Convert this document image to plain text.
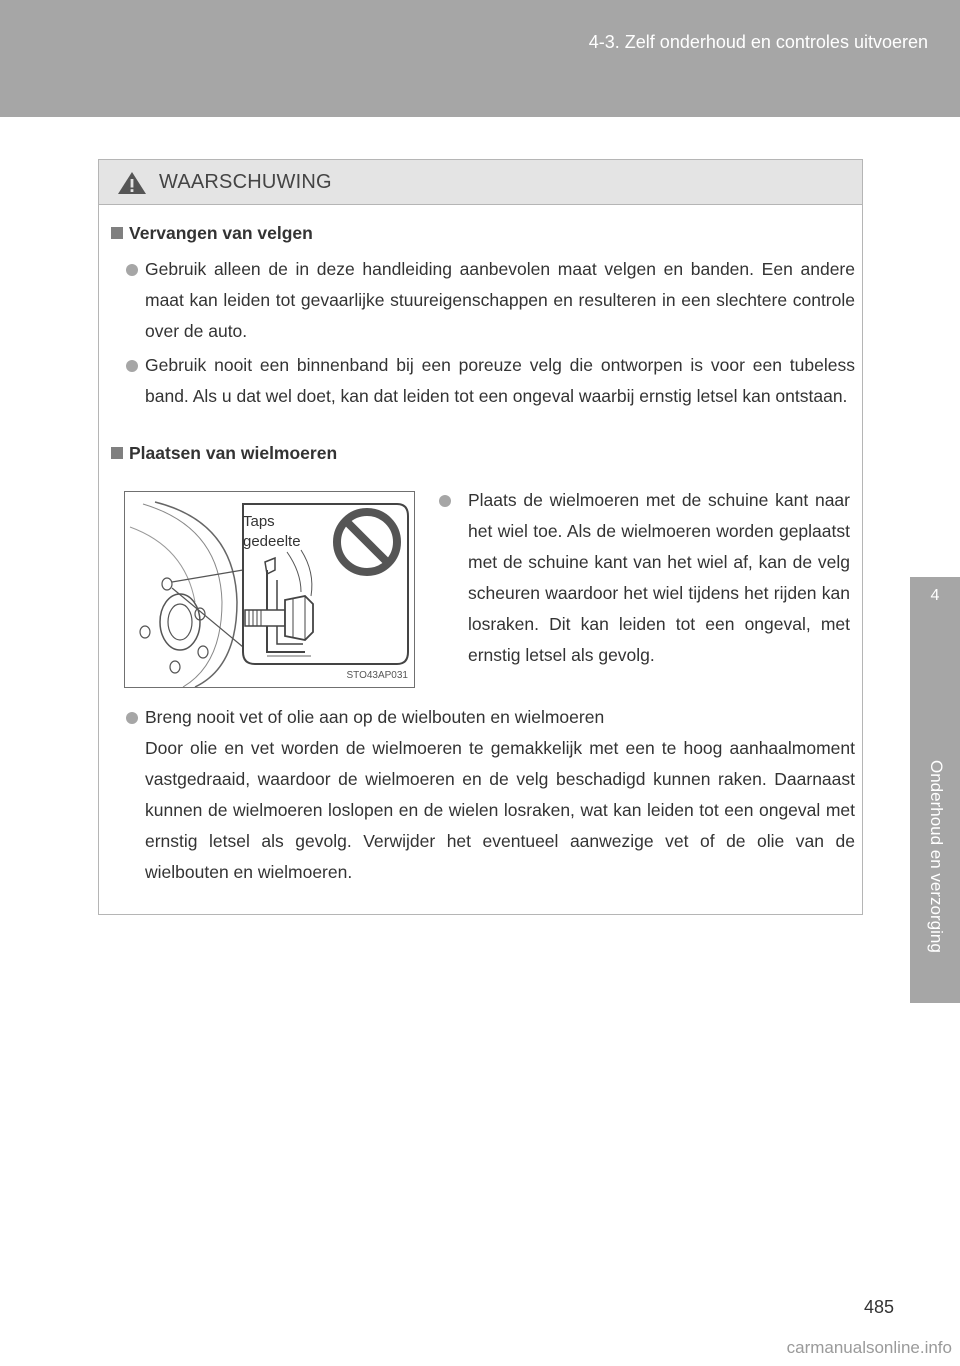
4-3. Zelf onderhoud en controles uitvoeren
4
Onderhoud en verzorging
WAARSCHUWING
Vervangen van velgen
Gebruik alleen de in deze handleiding aanbevolen maat velgen en banden. Een andere maat kan leiden tot gevaarlijke stuureigenschappen en resulteren in een slechtere controle over de auto.
Gebruik nooit een binnenband bij een poreuze velg die ontworpen is voor een tubeless band. Als u dat wel doet, kan dat leiden tot een ongeval waarbij ernstig letsel kan ontstaan.
Plaatsen van wielmoeren
Taps
gedeelte
STO43AP031
Plaats de wielmoeren met de schuine kant naar het wiel toe. Als de wielmoeren worden geplaatst met de schuine kant van het wiel af, kan de velg scheuren waardoor het wiel tijdens het rijden kan losraken. Dit kan leiden tot een ongeval, met ernstig letsel als gevolg.
Breng nooit vet of olie aan op de wielbouten en wielmoeren
Door olie en vet worden de wielmoeren te gemakkelijk met een te hoog aanhaalmoment vastgedraaid, waardoor de wielmoeren en de velg beschadigd kunnen raken. Daarnaast kunnen de wielmoeren loslopen en de wielen losraken, wat kan leiden tot een ongeval met ernstig letsel als gevolg. Verwijder het eventueel aanwezige vet of de olie van de wielbouten en wielmoeren.
485
carmanualsonline.info
